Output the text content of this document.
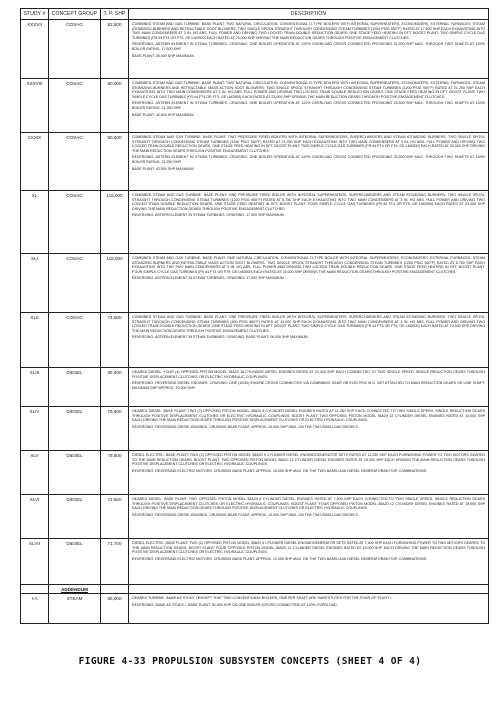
STUDY #	CONCEPT GROUP	T. P. SHP	DESCRIPTION
XXXVII	COSAG	82,500	COMBINED STEAM AND GAS TURBINE. BASE PLANT: TWO NATURAL CIRCULATION, CONVENTIONAL D-TYPE BOILERS WITH INTEGRAL SUPERHEATERS, ECONOMIZERS, EXTERNAL FURNACES, STEAM ATOMIZING BURNERS AND RETRACTABLE SOOT BLOWERS. TWO SINGLE SPOOL STRAIGHT THROUGH CONDENSING STEAM TURBINES (1200 PSIG 950°F) RATED AT 17,500 SHP EACH EXHAUSTING INTO TWO MAIN CONDENSERS AT 3 IN. HG ABS. FULL POWER AND DRIVING TWO LOCKED TRAIN DOUBLE REDUCTION GEARS. ONE STAGE FEED HEATING IN DFT. BOOST PLANT: TWO SIMPLE CYCLE GAS TURBINES (FR.44 FT4 OR FT9, GE LM2500) EACH RATED AT 23,000 SHP DRIVING THE MAIN REDUCTION GEARS THROUGH POSITIVE ENGAGEMENT CLUTCHES.
REVERSING: ASTERN ELEMENT IN STEAM TURBINES. CRUISING: ONE BOILER OPERATION AT 120% OVERLOAD CROSS CONNECTED PROVIDING 21,000 SHP MAX. THROUGH TWO SHAFTS AT 100% BOILER RATING, 17,500 SHP.
BASE PLANT: 35,000 SHP MAXIMUM.

XXXVIII	COSAG	90,000	COMBINED STEAM AND GAS TURBINE. BASE PLANT: TWO NATURAL CIRCULATION, CONVENTIONAL D-TYPE BOILERS WITH INTEGRAL SUPERHEATERS, ECONOMIZERS, EXTERNAL FURNACES, STEAM ATOMIZING BURNERS AND RETRACTABLE MASS ACTION SOOT BLOWERS. TWO SINGLE SPOOL STRAIGHT THROUGH CONDENSING STEAM TURBINES (1200 PSIG 950°F) RATED AT 21,250 SHP EACH EXHAUSTING INTO TWO MAIN CONDENSERS AT 3 IN. HG ABS. FULL POWER AND DRIVING TWO LOCKED TRAIN DOUBLE REDUCTION GEARS. ONE STAGE FEED HEATING IN DFT. BOOST PLANT: TWO SIMPLE CYCLE GAS TURBINES (FR.44 FT4 OR FT9, GE LM2500) EACH RATED AT 23,000 SHP DRIVING THE MAIN REDUCTION GEARS THROUGH POSITIVE ENGAGEMENT CLUTCHES.
REVERSING: ASTERN ELEMENT IN STEAM TURBINES. CRUISING: ONE BOILER OPERATION AT 120% OVERLOAD CROSS CONNECTED PROVIDING 25,500 SHP MAX. THROUGH TWO SHAFTS AT 100% BOILER RATING, 21,250 SHP.
BASE PLANT: 42,500 SHP MAXIMUM.

XXXIX	COSAG	90,000	COMBINED STEAM AND GAS TURBINE. BASE PLANT: TWO PRESSURE FIRED BOILERS WITH INTEGRAL SUPERHEATERS, SUPERCHARGERS AND STEAM ATOMIZING BURNERS. TWO SINGLE SPOOL STRAIGHT THROUGH CONDENSING STEAM TURBINES (1200 PSIG 950°F) RATED AT 21,250 SHP EACH EXHAUSTING INTO TWO MAIN CONDENSERS AT 3 IN. HG ABS. FULL POWER AND DRIVING TWO LOCKED TRAIN DOUBLE REDUCTION GEARS. ONE STAGE FEED HEATING IN DFT. BOOST PLANT: TWO SIMPLE CYCLE GAS TURBINES (FR.44 FT4 OR FT9, GE LM2500) EACH RATED AT 23,000 SHP DRIVING THE MAIN REDUCTION GEARS THROUGH POSITIVE ENGAGEMENT CLUTCHES.
REVERSING: ASTERN ELEMENT IN STEAM TURBINES. CRUISING: ONE BOILER OPERATION AT 120% OVERLOAD CROSS CONNECTED PROVIDING 25,500 SHP MAX. THROUGH TWO SHAFTS AT 100% BOILER RATING, 21,250 SHP.
BASE PLANT: 42,500 SHP MAXIMUM.

XL	COSAG	115,000	COMBINED STEAM AND GAS TURBINE. BASE PLANT: ONE PRESSURE FIRED BOILER WITH INTEGRAL SUPERHEATERS, SUPERCHARGERS AND STEAM ATOMIZING BURNERS. TWO SINGLE SPOOL STRAIGHT THROUGH CONDENSING STEAM TURBINES (1200 PSIG 950°F) RATED AT 8,750 SHP EACH EXHAUSTING INTO TWO MAIN CONDENSERS AT 3 IN. HG ABS. FULL POWER AND DRIVING TWO LOCKED TRAIN DOUBLE REDUCTION GEARS. ONE STAGE FEED HEATING IN DFT. BOOST PLANT: FOUR SIMPLE CYCLE GAS TURBINES (FR.44 FT4 OR FT9, GE LM2500) EACH RATED AT 23,000 SHP DRIVING THE MAIN REDUCTION GEARS THROUGH POSITIVE ENGAGEMENT CLUTCHES.
REVERSING: ASTERN ELEMENT IN STEAM TURBINES. CRUISING: 17,500 SHP MAXIMUM.

XLI	COSAG	115,000	COMBINED STEAM AND GAS TURBINE. BASE PLANT: ONE NATURAL CIRCULATION, CONVENTIONAL D-TYPE BOILER WITH INTEGRAL SUPERHEATERS, ECONOMIZERS, EXTERNAL FURNACES, STEAM ATOMIZING BURNERS AND RETRACTABLE MASS ACTION SOOT BLOWERS. TWO SINGLE SPOOL STRAIGHT THROUGH CONDENSING STEAM TURBINES (1200 PSIG 950°F) RATED AT 8,750 SHP EACH EXHAUSTING INTO THE TWO MAIN CONDENSERS AT 3 IN. HG ABS. FULL POWER AND DRIVING TWO LOCKED TRAIN DOUBLE REDUCTION GEARS. ONE STAGE FEED HEATING IN DFT. BOOST PLANT: FOUR SIMPLE CYCLE GAS TURBINES (FR.44 FT4 OR FT9, GE LM2500) EACH RATED AT 23,000 SHP DRIVING THE MAIN REDUCTION GEARS THROUGH POSITIVE ENGAGEMENT CLUTCHES.
REVERSING: ASTERN ELEMENT IN STEAM TURBINES. CRUISING: 17,500 SHP MAXIMUM.

XLII	COSAG	74,500	COMBINED STEAM AND GAS TURBINE. BASE PLANT: ONE PRESSURE FIRED BOILER WITH INTEGRAL SUPERHEATERS, SUPERCHARGERS AND STEAM ATOMIZING BURNERS. TWO SINGLE SPOOL STRAIGHT THROUGH CONDENSING STEAM TURBINES (600 PSIG 850°F) RATED AT 13,000 SHP EACH EXHAUSTING INTO TWO MAIN CONDENSERS AT 3 IN. HG ABS. FULL POWER AND DRIVING TWO LOCKED TRAIN DOUBLE REDUCTION GEARS. ONE STAGE FEED HEATING IN DFT. BOOST PLANT: TWO SIMPLE CYCLE GAS TURBINES (FR.44 FT4 OR FT9, GE LM2500) EACH RATED AT 23,000 SHP DRIVING THE MAIN REDUCTION GEARS THROUGH POSITIVE ENGAGEMENT CLUTCHES.
REVERSING: ASTERN ELEMENT IN STEAM TURBINES. CRUISING: BASE PLANT: 26,000 SHP MAXIMUM.

XLIII	DIESEL	85,600	GEARED DIESEL. FOUR (4) OPPOSED PISTON MODEL 38A20 18 CYLINDER DIESEL ENGINES RATED AT 21,400 SHP EACH CONNECTED TO TWO SINGLE SPEED, SINGLE REDUCTION GEARS THROUGH POSITIVE DISPLACEMENT CLUTCHES OR ELECTRIC HYDRAULIC COUPLINGS.
REVERSING: REVERSING DIESEL ENGINES. CRUISING: ONE (10/30) ENGINE CROSS CONNECTED VIA COMBINING GEAR OR ELECTRIC M.G. SET ATTACHED TO MAIN REDUCTION GEARS OR LINE SHAFT. MAXIMUM SHP APPROX. 19,000 SHP.

XLIV	DIESEL	79,600	GEARED DIESEL. BASE PLANT: TWO (2) OPPOSED PISTON MODEL 38A20 9 CYLINDER DIESEL ENGINES RATED AT 11,250 SHP EACH CONNECTED TO TWO SINGLE SPEED, SINGLE REDUCTION GEARS THROUGH POSITIVE DISPLACEMENT CLUTCHES OR ELECTRIC HYDRAULIC COUPLINGS. BOOST PLANT: TWO OPPOSED PISTON MODEL 38A20 12 CYLINDER DIESEL ENGINES RATED AT 15,000 SHP EACH DRIVING THE MAIN REDUCTION GEARS THROUGH POSITIVE DISPLACEMENT CLUTCHES OR ELECTRIC HYDRAULIC COUPLINGS.
REVERSING: REVERSING DIESEL ENGINES. CRUISING BASE PLANT: APPROX. 19,000 SHP MAX. ON THE TWO BASELOAD DIESELS.

XLV	DIESEL	78,500	DIESEL ELECTRIC. BASE PLANT: TWO (2) OPPOSED PISTON MODEL 38A20 9 CYLINDER DIESEL ENGINE/GENERATOR SETS RATED AT 11,250 SHP EACH FURNISHING POWER TO TWO MOTORS GEARED TO THE MAIN REDUCTION GEARS. BOOST PLANT: TWO OPPOSED PISTON MODEL 38A20 12 CYLINDER DIESEL ENGINES RATED AT 15,000 SHP EACH DRIVING THE MAIN REDUCTION GEARS THROUGH POSITIVE DISPLACEMENT CLUTCHES OR ELECTRIC HYDRAULIC COUPLINGS.
REVERSING: REVERSING ELECTRIC MOTORS. CRUISING BASE PLANT: APPROX. 20,000 SHP MAX. ON THE TWO BASELOAD DIESEL GENERATOR/MOTOR COMBINATIONS.

XLVI	DIESEL	72,500	GEARED DIESEL. BASE PLANT: TWO OPPOSED PISTON MODEL 38A20 6 CYLINDER DIESEL ENGINES RATED AT 7,500 SHP EACH CONNECTED TO TWO SINGLE SPEED, SINGLE REDUCTION GEARS THROUGH POSITIVE DISPLACEMENT CLUTCHES OR ELECTRIC HYDRAULIC COUPLINGS. BOOST PLANT: FOUR OPPOSED PISTON MODEL 38A20 12 CYLINDER DIESEL ENGINES RATED AT 15,000 SHP EACH DRIVING THE MAIN REDUCTION GEARS THROUGH POSITIVE DISPLACEMENT CLUTCHES OR ELECTRIC HYDRAULIC COUPLINGS.
REVERSING: REVERSING DIESEL ENGINES. CRUISING BASE PLANT: APPROX. 13,000 SHP MAX. ON THE TWO BASELOAD DIESELS.

XLVII	DIESEL	71,700	DIESEL ELECTRIC. BASE PLANT: TWO (2) OPPOSED PISTON MODEL 38A20 6 CYLINDER DIESEL ENGINE/GENERATOR SETS RATED AT 7,500 SHP EACH FURNISHING POWER TO TWO MOTORS GEARED TO THE MAIN REDUCTION GEARS. BOOST PLANT: FOUR OPPOSED PISTON MODEL 38A20 12 CYLINDER DIESEL ENGINES RATED AT 15,000 SHP EACH DRIVING THE MAIN REDUCTION GEARS THROUGH POSITIVE DISPLACEMENT CLUTCHES OR ELECTRIC HYDRAULIC COUPLINGS.
REVERSING: REVERSING ELECTRIC MOTORS. CRUISING BASE PLANT: APPROX. 13,000 SHP MAX. ON THE TWO BASELOAD DIESEL GENERATOR/MOTOR COMBINATIONS.

	ADDENDUM		
I-A	STEAM	85,000	GEARED TURBINE. SAME AS STUDY I EXCEPT THAT TWO CONVENTIONAL BOILERS, ONE PER SHAFT ARE SUBSTITUTED FOR THE FOUR OF STUDY I.
REVERSING: SAME AS STUDY I. BASE PLANT: 51,000 SHP ON ONE BOILER (CROSS CONNECTED) AT 120% OVERLOAD.
FIGURE 4-33 PROPULSION SUBSYSTEM CONCEPTS (SHEET 4 OF 4)
